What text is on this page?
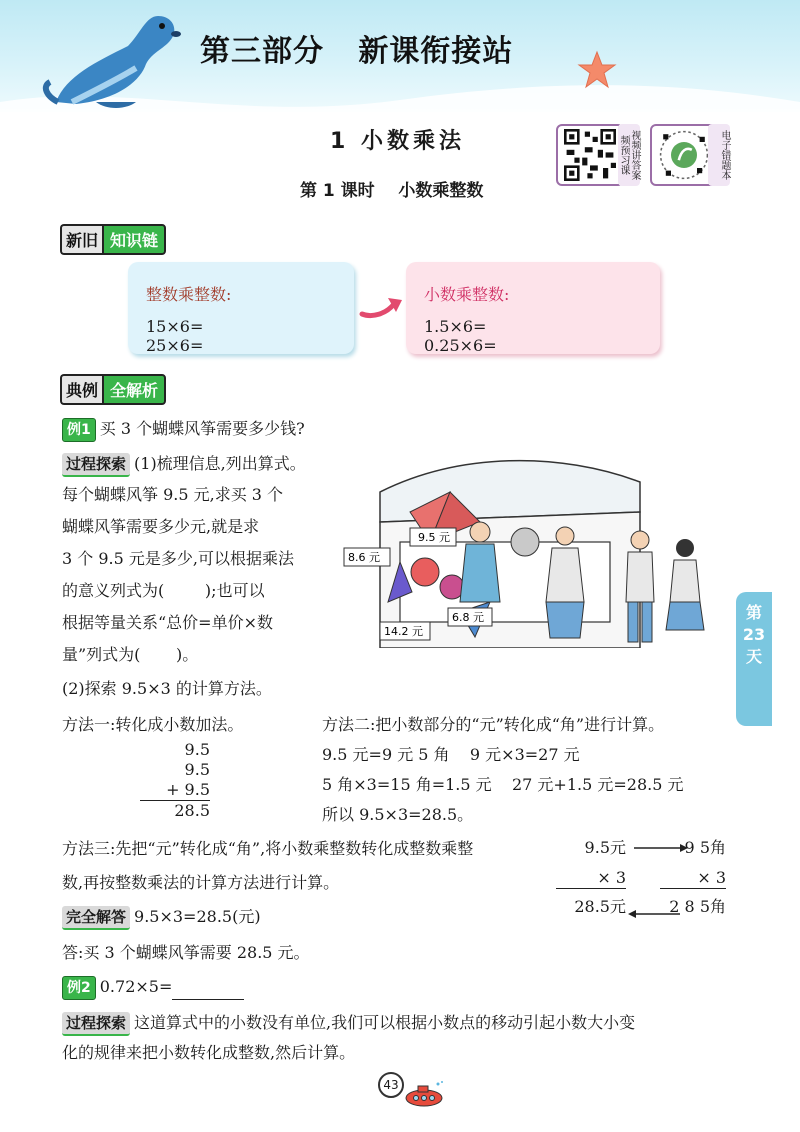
第三部分   新课衔接站
1 小数乘法
第 1 课时    小数乘整数
视频讲答案 频预习课	电子错题本
新旧 知识链
整数乘整数:
15×6=25×6=
小数乘整数:
1.5×6=0.25×6=
典例 全解析
例1 买 3 个蝴蝶风筝需要多少钱?
过程探索 (1)梳理信息,列出算式。
每个蝴蝶风筝 9.5 元,求买 3 个
蝴蝶风筝需要多少元,就是求
3 个 9.5 元是多少,可以根据乘法
的意义列式为(        );也可以
根据等量关系“总价=单价×数
量”列式为(       )。
(2)探索 9.5×3 的计算方法。
9.5 元
8.6 元
6.8 元
14.2 元
第 23 天
方法一:转化成小数加法。
9.5
9.5
+ 9.5
28.5
方法二:把小数部分的“元”转化成“角”进行计算。
9.5 元=9 元 5 角    9 元×3=27 元
5 角×3=15 角=1.5 元    27 元+1.5 元=28.5 元
所以 9.5×3=28.5。
方法三:先把“元”转化成“角”,将小数乘整数转化成整数乘整
数,再按整数乘法的计算方法进行计算。
9.5元
× 3
28.5元
9 5角
× 3
2 8 5角
完全解答 9.5×3=28.5(元)
答:买 3 个蝴蝶风筝需要 28.5 元。
例2 0.72×5=
过程探索 这道算式中的小数没有单位,我们可以根据小数点的移动引起小数大小变
化的规律来把小数转化成整数,然后计算。
43
